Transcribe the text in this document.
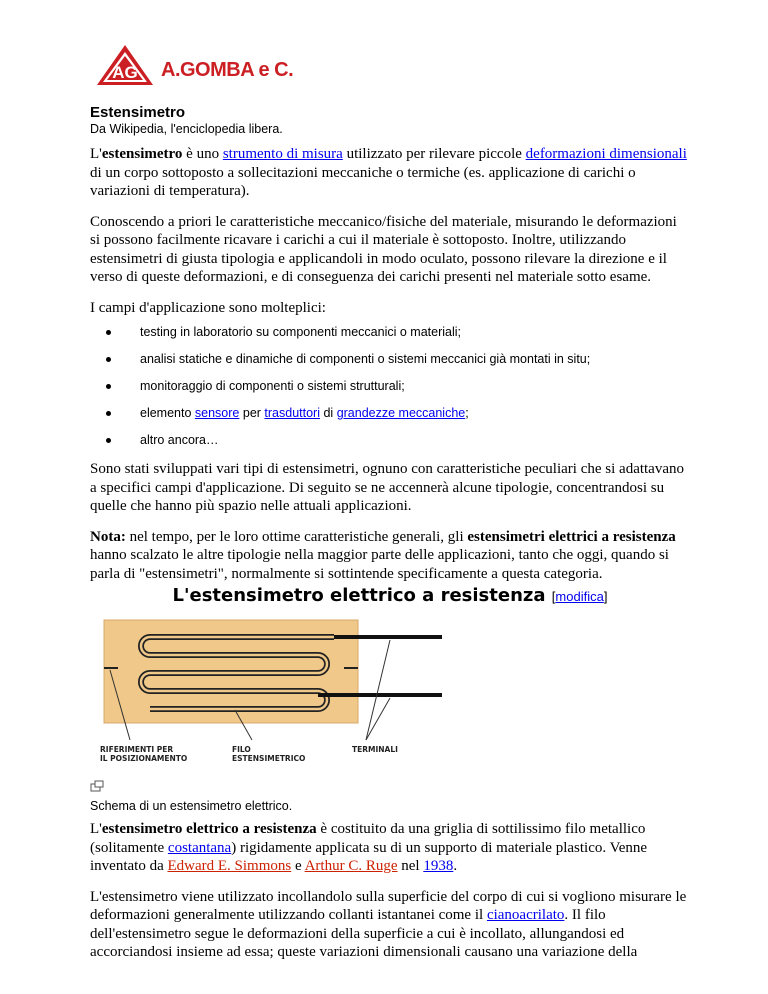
AG A.GOMBA e C.
Estensimetro
Da Wikipedia, l'enciclopedia libera.

L'estensimetro è uno strumento di misura utilizzato per rilevare piccole deformazioni dimensionali di un corpo sottoposto a sollecitazioni meccaniche o termiche (es. applicazione di carichi o variazioni di temperatura).

Conoscendo a priori le caratteristiche meccanico/fisiche del materiale, misurando le deformazioni si possono facilmente ricavare i carichi a cui il materiale è sottoposto. Inoltre, utilizzando estensimetri di giusta tipologia e applicandoli in modo oculato, possono rilevare la direzione e il verso di queste deformazioni, e di conseguenza dei carichi presenti nel materiale sotto esame.

I campi d'applicazione sono molteplici:

testing in laboratorio su componenti meccanici o materiali;
analisi statiche e dinamiche di componenti o sistemi meccanici già montati in situ;
monitoraggio di componenti o sistemi strutturali;
elemento sensore per trasduttori di grandezze meccaniche;
altro ancora…

Sono stati sviluppati vari tipi di estensimetri, ognuno con caratteristiche peculiari che si adattavano a specifici campi d'applicazione. Di seguito se ne accennerà alcune tipologie, concentrandosi su quelle che hanno più spazio nelle attuali applicazioni.

Nota: nel tempo, per le loro ottime caratteristiche generali, gli estensimetri elettrici a resistenza hanno scalzato le altre tipologie nella maggior parte delle applicazioni, tanto che oggi, quando si parla di "estensimetri", normalmente si sottintende specificamente a questa categoria.

L'estensimetro elettrico a resistenza [modifica]
RIFERIMENTI PER
IL POSIZIONAMENTO
FILO
ESTENSIMETRICO
TERMINALI
Schema di un estensimetro elettrico.

L'estensimetro elettrico a resistenza è costituito da una griglia di sottilissimo filo metallico (solitamente costantana) rigidamente applicata su di un supporto di materiale plastico. Venne inventato da Edward E. Simmons e Arthur C. Ruge nel 1938.

L'estensimetro viene utilizzato incollandolo sulla superficie del corpo di cui si vogliono misurare le deformazioni generalmente utilizzando collanti istantanei come il cianoacrilato. Il filo dell'estensimetro segue le deformazioni della superficie a cui è incollato, allungandosi ed accorciandosi insieme ad essa; queste variazioni dimensionali causano una variazione della
